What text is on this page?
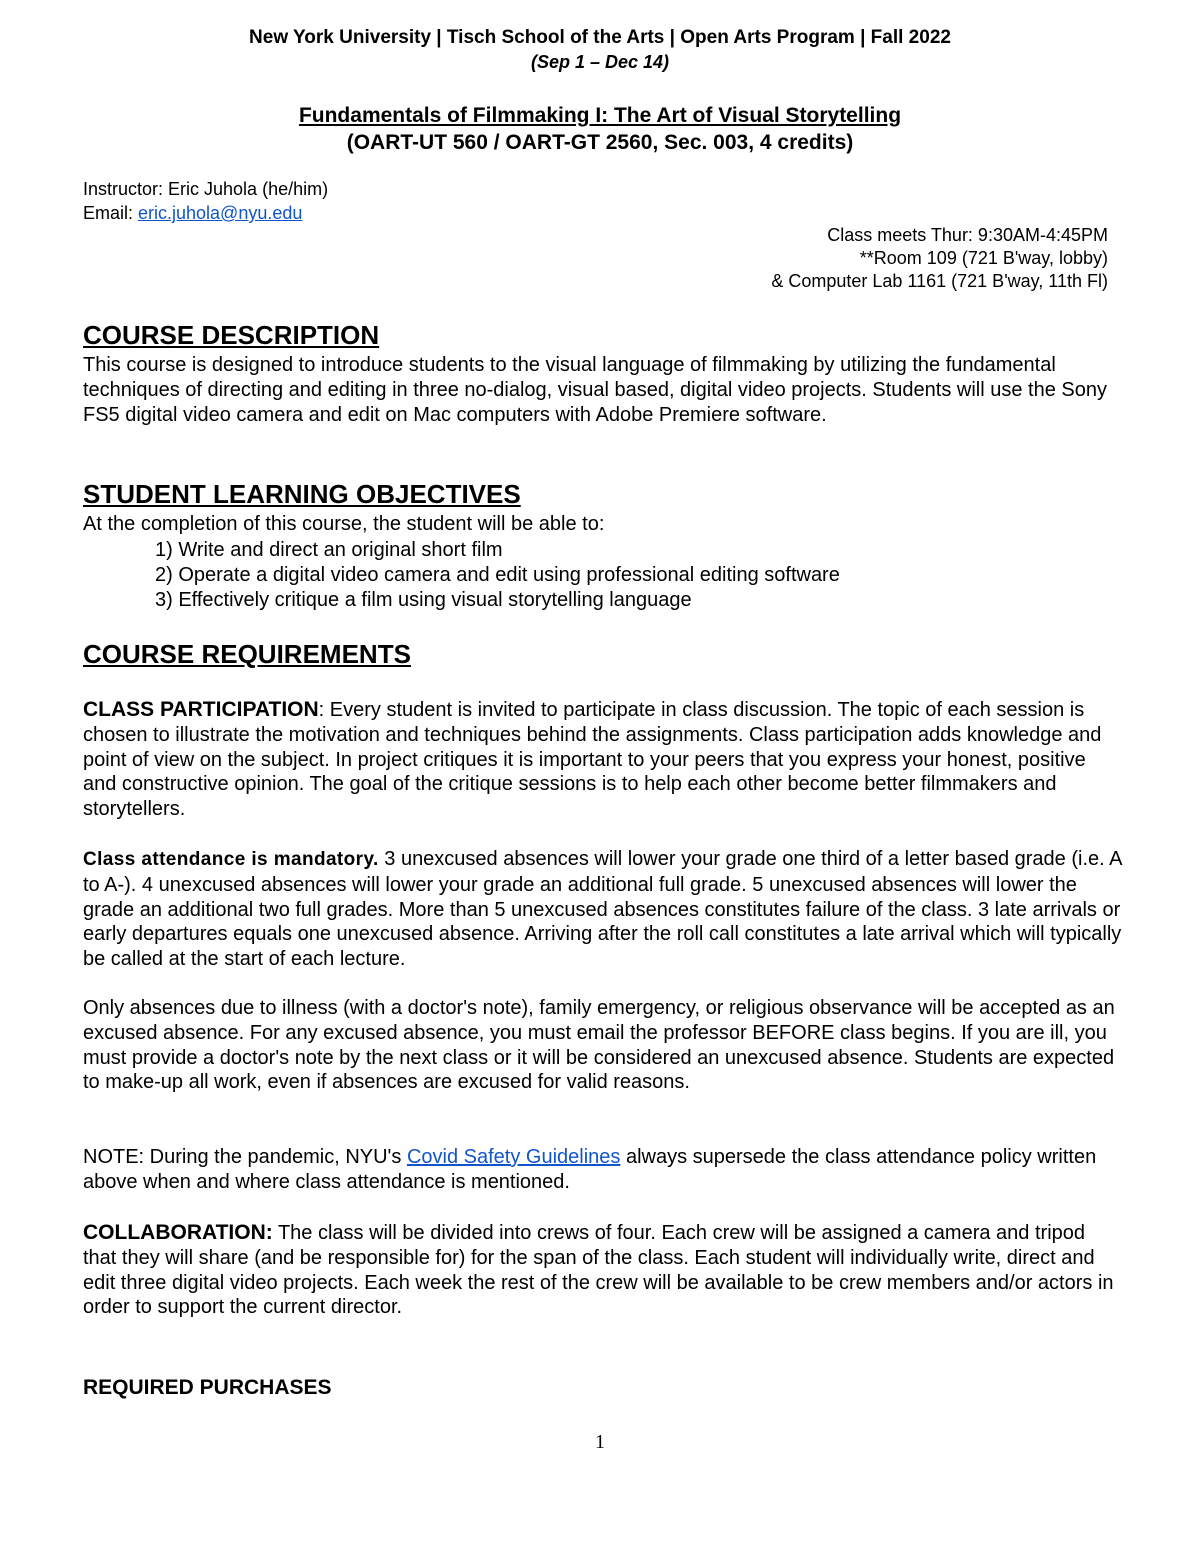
New York University | Tisch School of the Arts | Open Arts Program | Fall 2022
(Sep 1 – Dec 14)
Fundamentals of Filmmaking I: The Art of Visual Storytelling
(OART-UT 560 / OART-GT 2560, Sec. 003, 4 credits)
Instructor: Eric Juhola (he/him)
Email: eric.juhola@nyu.edu
Class meets Thur: 9:30AM-4:45PM
**Room 109 (721 B'way, lobby)
& Computer Lab 1161 (721 B'way, 11th Fl)
COURSE DESCRIPTION
This course is designed to introduce students to the visual language of filmmaking by utilizing the fundamental techniques of directing and editing in three no-dialog, visual based, digital video projects. Students will use the Sony FS5 digital video camera and edit on Mac computers with Adobe Premiere software.
STUDENT LEARNING OBJECTIVES
At the completion of this course, the student will be able to:
1) Write and direct an original short film
2) Operate a digital video camera and edit using professional editing software
3) Effectively critique a film using visual storytelling language
COURSE REQUIREMENTS
CLASS PARTICIPATION: Every student is invited to participate in class discussion. The topic of each session is chosen to illustrate the motivation and techniques behind the assignments. Class participation adds knowledge and point of view on the subject. In project critiques it is important to your peers that you express your honest, positive and constructive opinion. The goal of the critique sessions is to help each other become better filmmakers and storytellers.
Class attendance is mandatory. 3 unexcused absences will lower your grade one third of a letter based grade (i.e. A to A-). 4 unexcused absences will lower your grade an additional full grade. 5 unexcused absences will lower the grade an additional two full grades. More than 5 unexcused absences constitutes failure of the class. 3 late arrivals or early departures equals one unexcused absence. Arriving after the roll call constitutes a late arrival which will typically be called at the start of each lecture.
Only absences due to illness (with a doctor's note), family emergency, or religious observance will be accepted as an excused absence. For any excused absence, you must email the professor BEFORE class begins. If you are ill, you must provide a doctor's note by the next class or it will be considered an unexcused absence. Students are expected to make-up all work, even if absences are excused for valid reasons.
NOTE: During the pandemic, NYU's Covid Safety Guidelines always supersede the class attendance policy written above when and where class attendance is mentioned.
COLLABORATION: The class will be divided into crews of four. Each crew will be assigned a camera and tripod that they will share (and be responsible for) for the span of the class. Each student will individually write, direct and edit three digital video projects. Each week the rest of the crew will be available to be crew members and/or actors in order to support the current director.
REQUIRED PURCHASES
1
